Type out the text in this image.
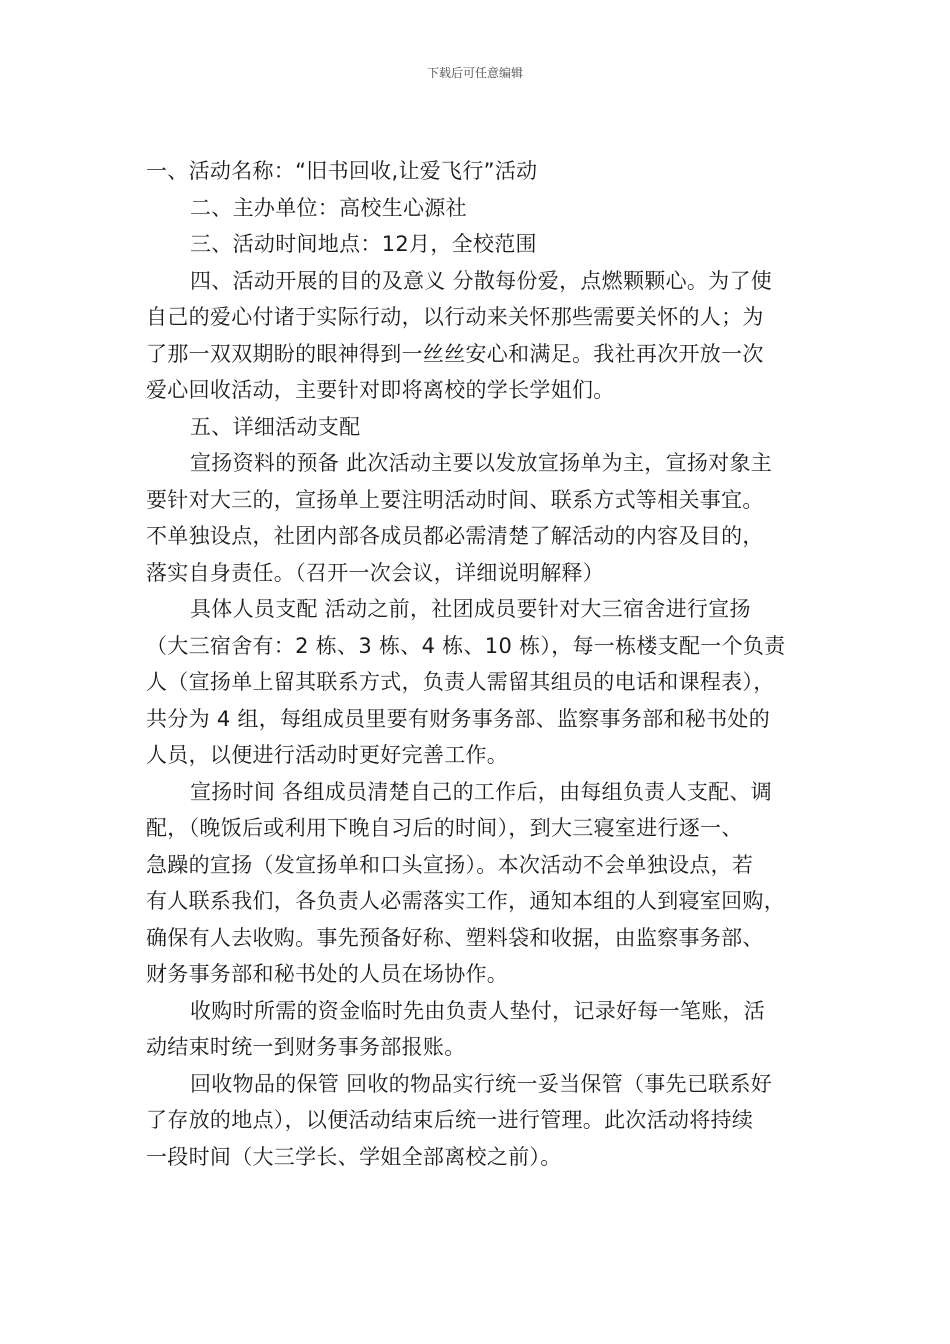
下载后可任意编辑

一、活动名称：“旧书回收,让爱飞行”活动

二、主办单位：高校生心源社

三、活动时间地点：12月，全校范围

四、活动开展的目的及意义 分散每份爱，点燃颗颗心。为了使
自己的爱心付诸于实际行动，以行动来关怀那些需要关怀的人；为
了那一双双期盼的眼神得到一丝丝安心和满足。我社再次开放一次
爱心回收活动，主要针对即将离校的学长学姐们。

五、详细活动支配

宣扬资料的预备 此次活动主要以发放宣扬单为主，宣扬对象主
要针对大三的，宣扬单上要注明活动时间、联系方式等相关事宜。
不单独设点，社团内部各成员都必需清楚了解活动的内容及目的，
落实自身责任。（召开一次会议，详细说明解释）

具体人员支配 活动之前，社团成员要针对大三宿舍进行宣扬
（大三宿舍有：2 栋、3 栋、4 栋、10 栋），每一栋楼支配一个负责
人（宣扬单上留其联系方式，负责人需留其组员的电话和课程表），
共分为 4 组，每组成员里要有财务事务部、监察事务部和秘书处的
人员，以便进行活动时更好完善工作。

宣扬时间 各组成员清楚自己的工作后，由每组负责人支配、调
配，（晚饭后或利用下晚自习后的时间），到大三寝室进行逐一、
急躁的宣扬（发宣扬单和口头宣扬）。本次活动不会单独设点，若
有人联系我们，各负责人必需落实工作，通知本组的人到寝室回购，
确保有人去收购。事先预备好称、塑料袋和收据，由监察事务部、
财务事务部和秘书处的人员在场协作。

收购时所需的资金临时先由负责人垫付，记录好每一笔账，活
动结束时统一到财务事务部报账。

回收物品的保管 回收的物品实行统一妥当保管（事先已联系好
了存放的地点），以便活动结束后统一进行管理。此次活动将持续
一段时间（大三学长、学姐全部离校之前）。
